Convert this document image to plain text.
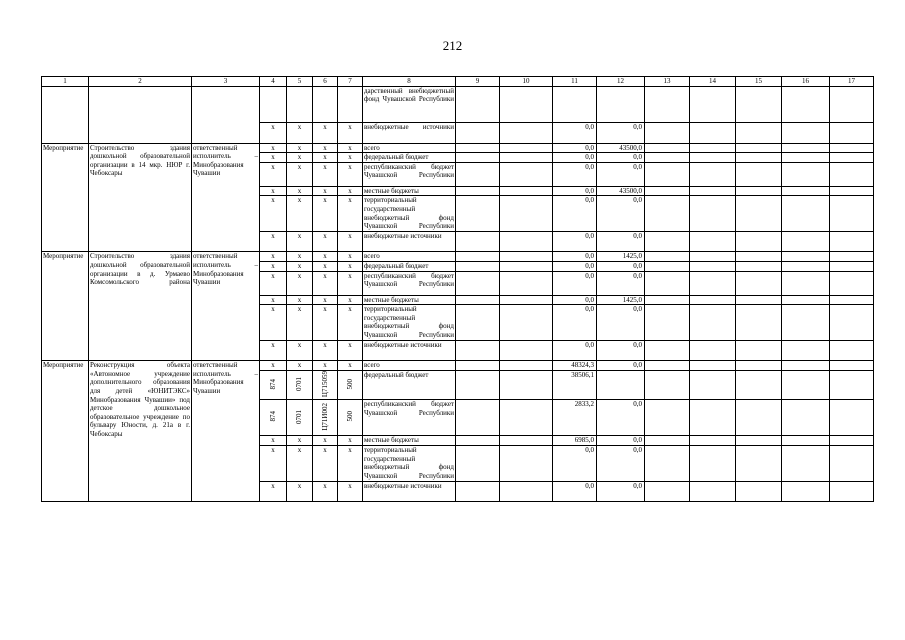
212
1	2	3	4	5	6	7	8	9	10	11	12	13	14	15	16	17
							дарственный внебюджетный фонд Чувашской Республики									
			x	x	x	x	внебюджетные источники			0,0	0,0					
Мероприятие	Строительство здания дошкольной образовательной организации в 14 мкр. НЮР г. Чебоксары	ответственный исполнитель – Минобразования Чувашии	x	x	x	x	всего			0,0	43500,0					
			x	x	x	x	федеральный бюджет			0,0	0,0					
			x	x	x	x	республиканский бюджет Чувашской Республики			0,0	0,0					
			x	x	x	x	местные бюджеты			0,0	43500,0					
			x	x	x	x	территориальный государственный внебюджетный фонд Чувашской Республики			0,0	0,0					
			x	x	x	x	внебюджетные источники			0,0	0,0					
Мероприятие	Строительство здания дошкольной образовательной организации в д. Урмаево Комсомольского района	ответственный исполнитель – Минобразования Чувашии	x	x	x	x	всего			0,0	1425,0					
			x	x	x	x	федеральный бюджет			0,0	0,0					
			x	x	x	x	республиканский бюджет Чувашской Республики			0,0	0,0					
			x	x	x	x	местные бюджеты			0,0	1425,0					
			x	x	x	x	территориальный государственный внебюджетный фонд Чувашской Республики			0,0	0,0					
			x	x	x	x	внебюджетные источники			0,0	0,0					
Мероприятие	Реконструкция объекта «Автономное учреждение дополнительного образования для детей «ЮНИТЭКС» Минобразования Чувашии» под детское дошкольное образовательное учреждение по бульвару Юности, д. 21а в г. Чебоксары	ответственный исполнитель – Минобразования Чувашии	x	x	x	x	всего			48324,3	0,0					
			874	0701	Ц715059	500	федеральный бюджет			38506,1						
			874	0701	Ц71И002	500	республиканский бюджет Чувашской Республики			2833,2	0,0					
			x	x	x	x	местные бюджеты			6985,0	0,0					
			x	x	x	x	территориальный государственный внебюджетный фонд Чувашской Республики			0,0	0,0					
			x	x	x	x	внебюджетные источники			0,0	0,0					
